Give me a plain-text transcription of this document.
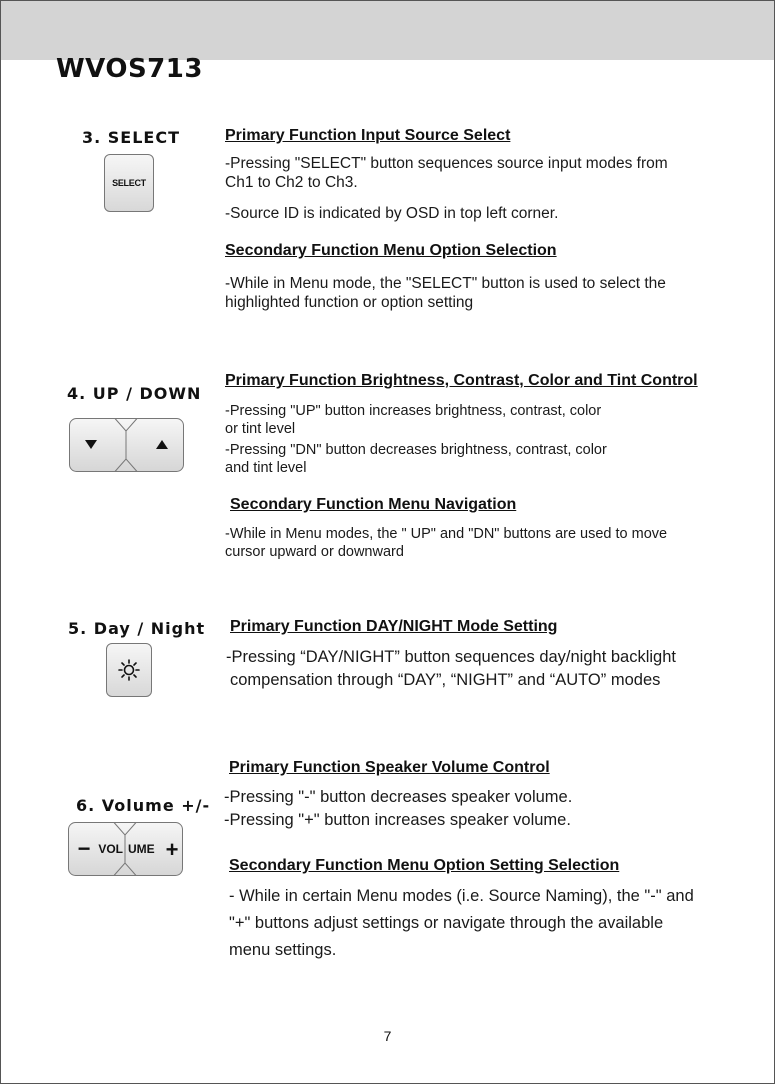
WVOS713
3. SELECT
SELECT
Primary Function Input Source Select
-Pressing "SELECT" button sequences source input modes from
Ch1 to Ch2 to Ch3.
-Source ID is indicated by OSD in top left corner.
Secondary Function Menu Option Selection
-While in Menu mode, the "SELECT" button is used to select the
highlighted function or option setting
4. UP / DOWN
Primary Function Brightness, Contrast, Color and Tint Control
-Pressing "UP" button increases brightness, contrast, color
or tint level
-Pressing "DN" button decreases brightness, contrast, color
and tint level
Secondary Function Menu Navigation
-While in Menu modes, the " UP" and "DN" buttons are used to move
cursor upward or downward
5. Day / Night Primary Function DAY/NIGHT Mode Setting
-Pressing “DAY/NIGHT” button sequences day/night backlight
compensation through “DAY”, “NIGHT” and “AUTO” modes
6. Volume +/-
− VOL UME +
Primary Function Speaker Volume Control
-Pressing "-" button decreases speaker volume.
-Pressing "+" button increases speaker volume.
Secondary Function Menu Option Setting Selection
- While in certain Menu modes (i.e. Source Naming), the "-" and
"+" buttons adjust settings or navigate through the available
menu settings.
7
